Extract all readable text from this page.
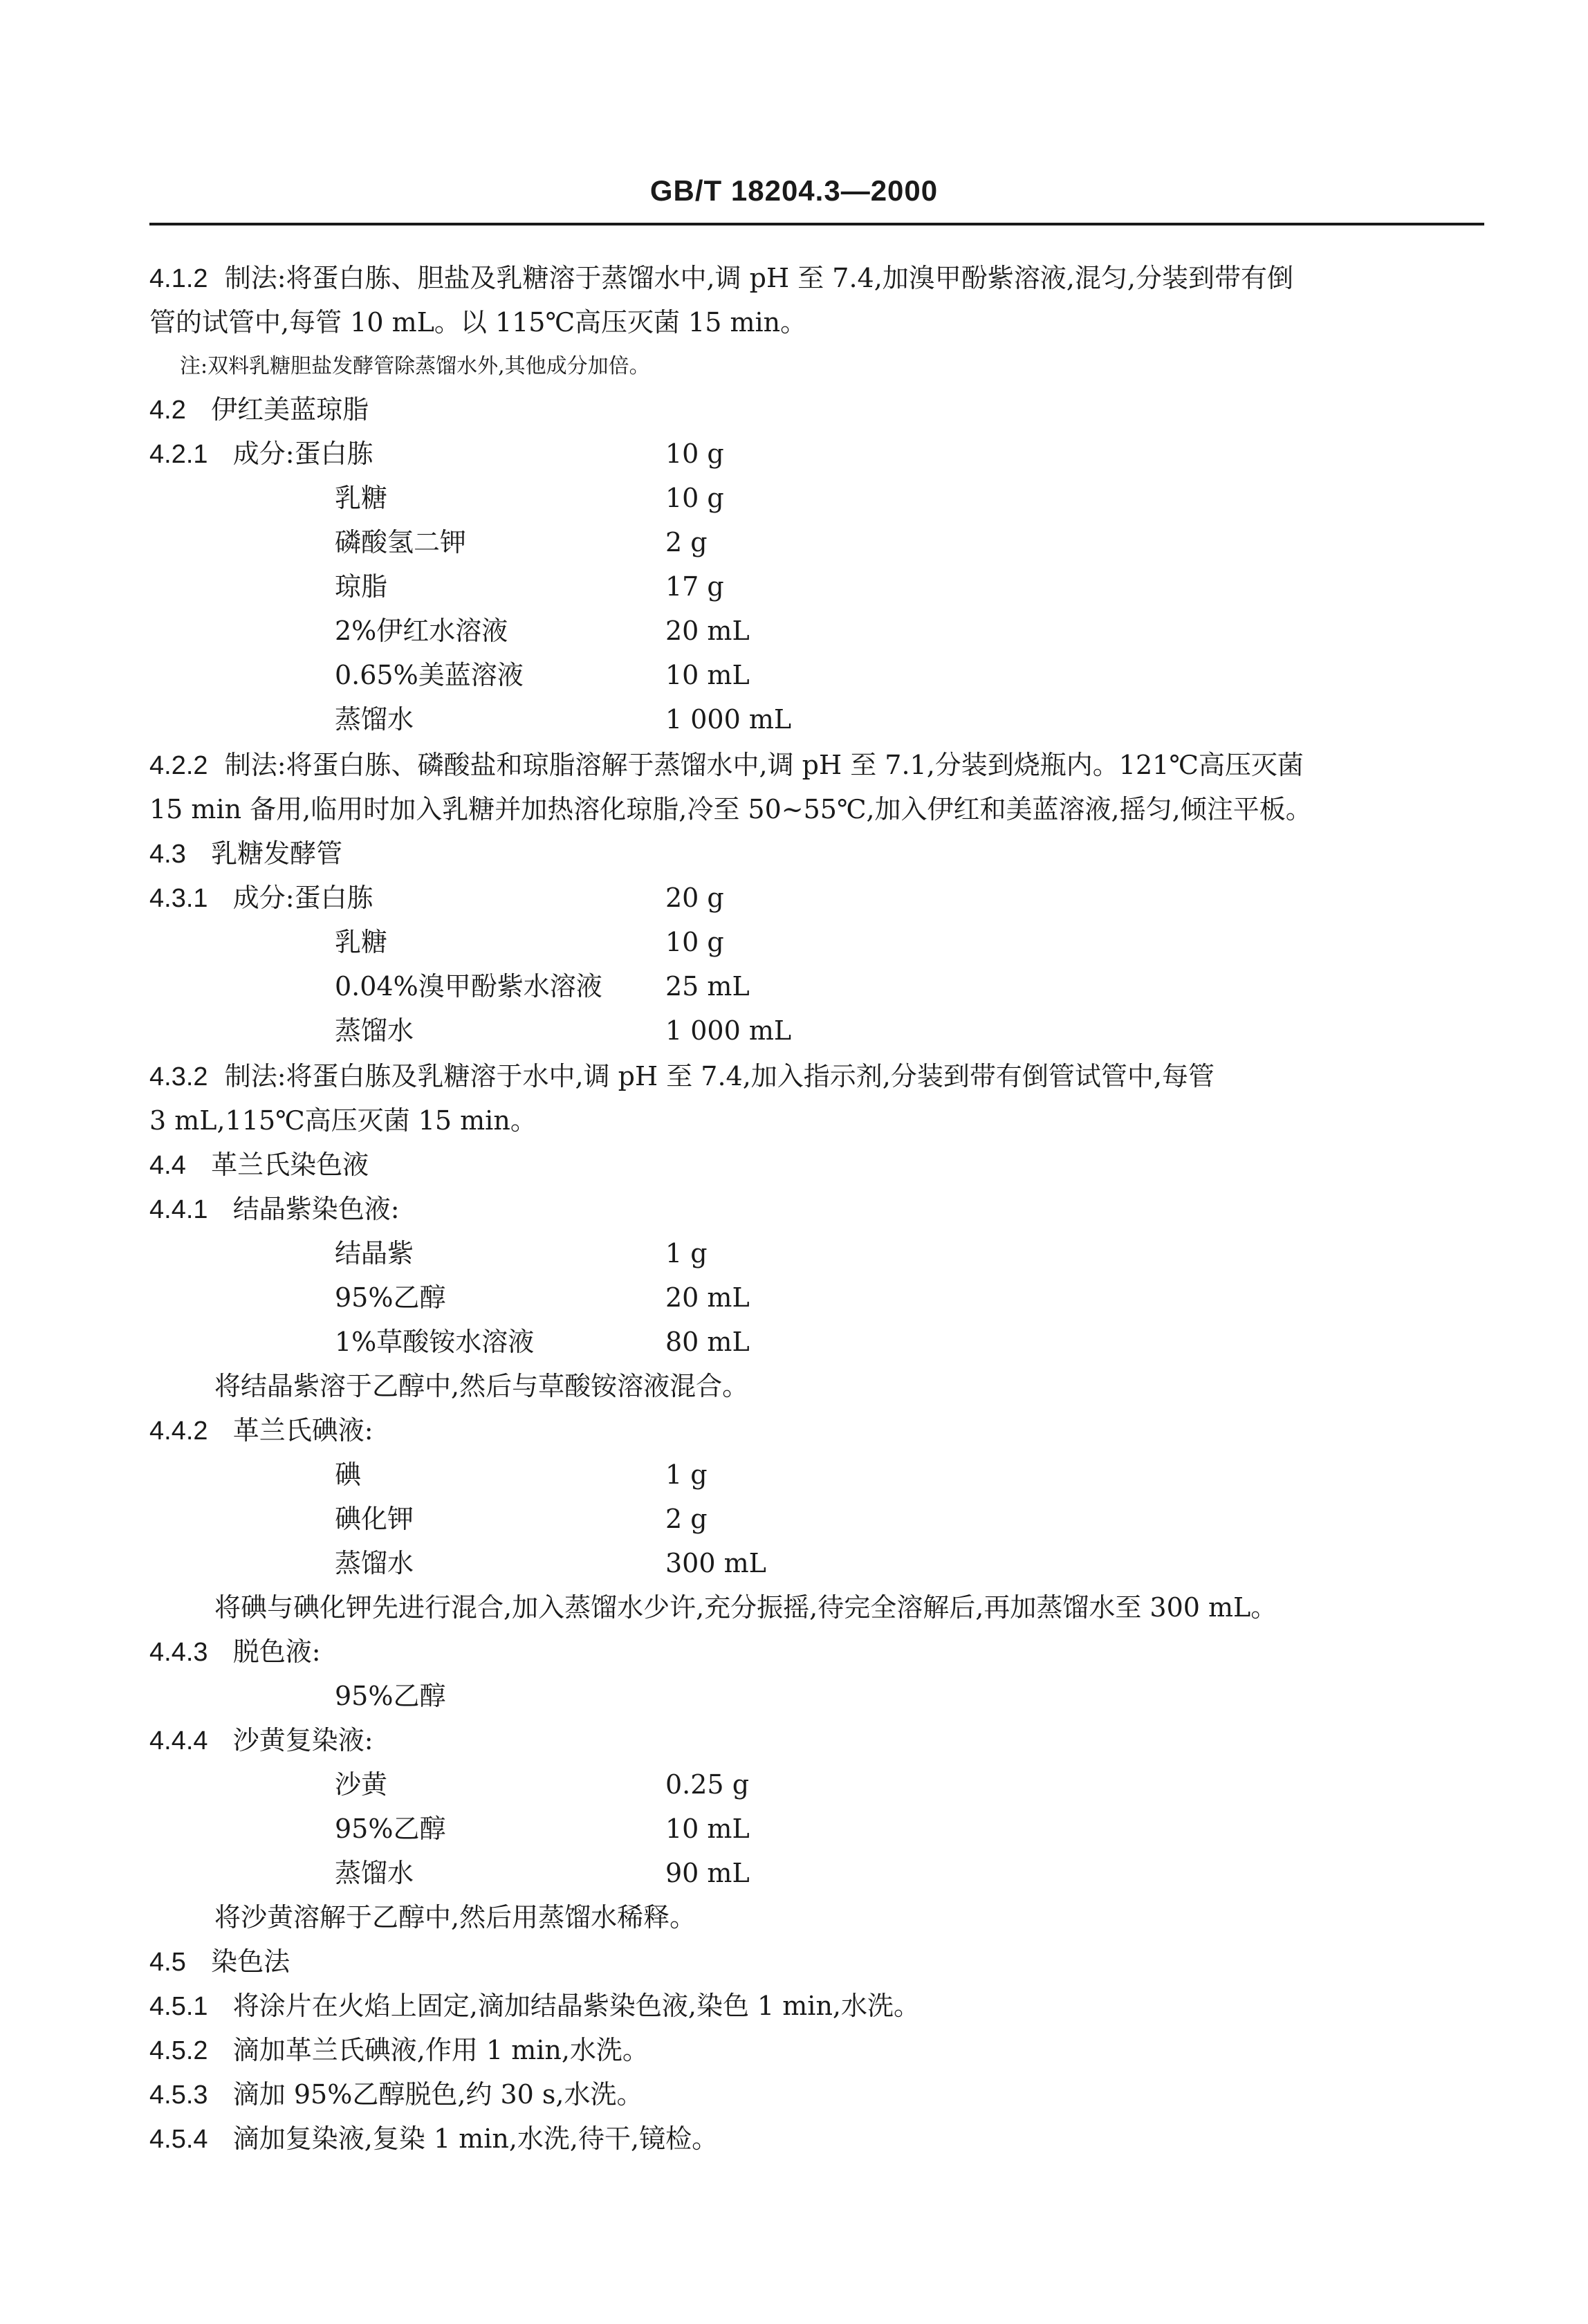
GB/T 18204.3—2000
4.1.2 制法:将蛋白胨、胆盐及乳糖溶于蒸馏水中,调 pH 至 7.4,加溴甲酚紫溶液,混匀,分装到带有倒
管的试管中,每管 10 mL。以 115℃高压灭菌 15 min。
注:双料乳糖胆盐发酵管除蒸馏水外,其他成分加倍。
4.2 伊红美蓝琼脂
4.2.1 成分:蛋白胨	10 g
乳糖	10 g
磷酸氢二钾	2 g
琼脂	17 g
2%伊红水溶液	20 mL
0.65%美蓝溶液	10 mL
蒸馏水	1 000 mL
4.2.2 制法:将蛋白胨、磷酸盐和琼脂溶解于蒸馏水中,调 pH 至 7.1,分装到烧瓶内。121℃高压灭菌
15 min 备用,临用时加入乳糖并加热溶化琼脂,冷至 50~55℃,加入伊红和美蓝溶液,摇匀,倾注平板。
4.3 乳糖发酵管
4.3.1 成分:蛋白胨	20 g
乳糖	10 g
0.04%溴甲酚紫水溶液 25 mL
蒸馏水	1 000 mL
4.3.2 制法:将蛋白胨及乳糖溶于水中,调 pH 至 7.4,加入指示剂,分装到带有倒管试管中,每管
3 mL,115℃高压灭菌 15 min。
4.4 革兰氏染色液
4.4.1 结晶紫染色液:
结晶紫	1 g
95%乙醇	20 mL
1%草酸铵水溶液	80 mL
将结晶紫溶于乙醇中,然后与草酸铵溶液混合。
4.4.2 革兰氏碘液:
碘	1 g
碘化钾	2 g
蒸馏水	300 mL
将碘与碘化钾先进行混合,加入蒸馏水少许,充分振摇,待完全溶解后,再加蒸馏水至 300 mL。
4.4.3 脱色液:
95%乙醇
4.4.4 沙黄复染液:
沙黄	0.25 g
95%乙醇	10 mL
蒸馏水	90 mL
将沙黄溶解于乙醇中,然后用蒸馏水稀释。
4.5 染色法
4.5.1 将涂片在火焰上固定,滴加结晶紫染色液,染色 1 min,水洗。
4.5.2 滴加革兰氏碘液,作用 1 min,水洗。
4.5.3 滴加 95%乙醇脱色,约 30 s,水洗。
4.5.4 滴加复染液,复染 1 min,水洗,待干,镜检。
